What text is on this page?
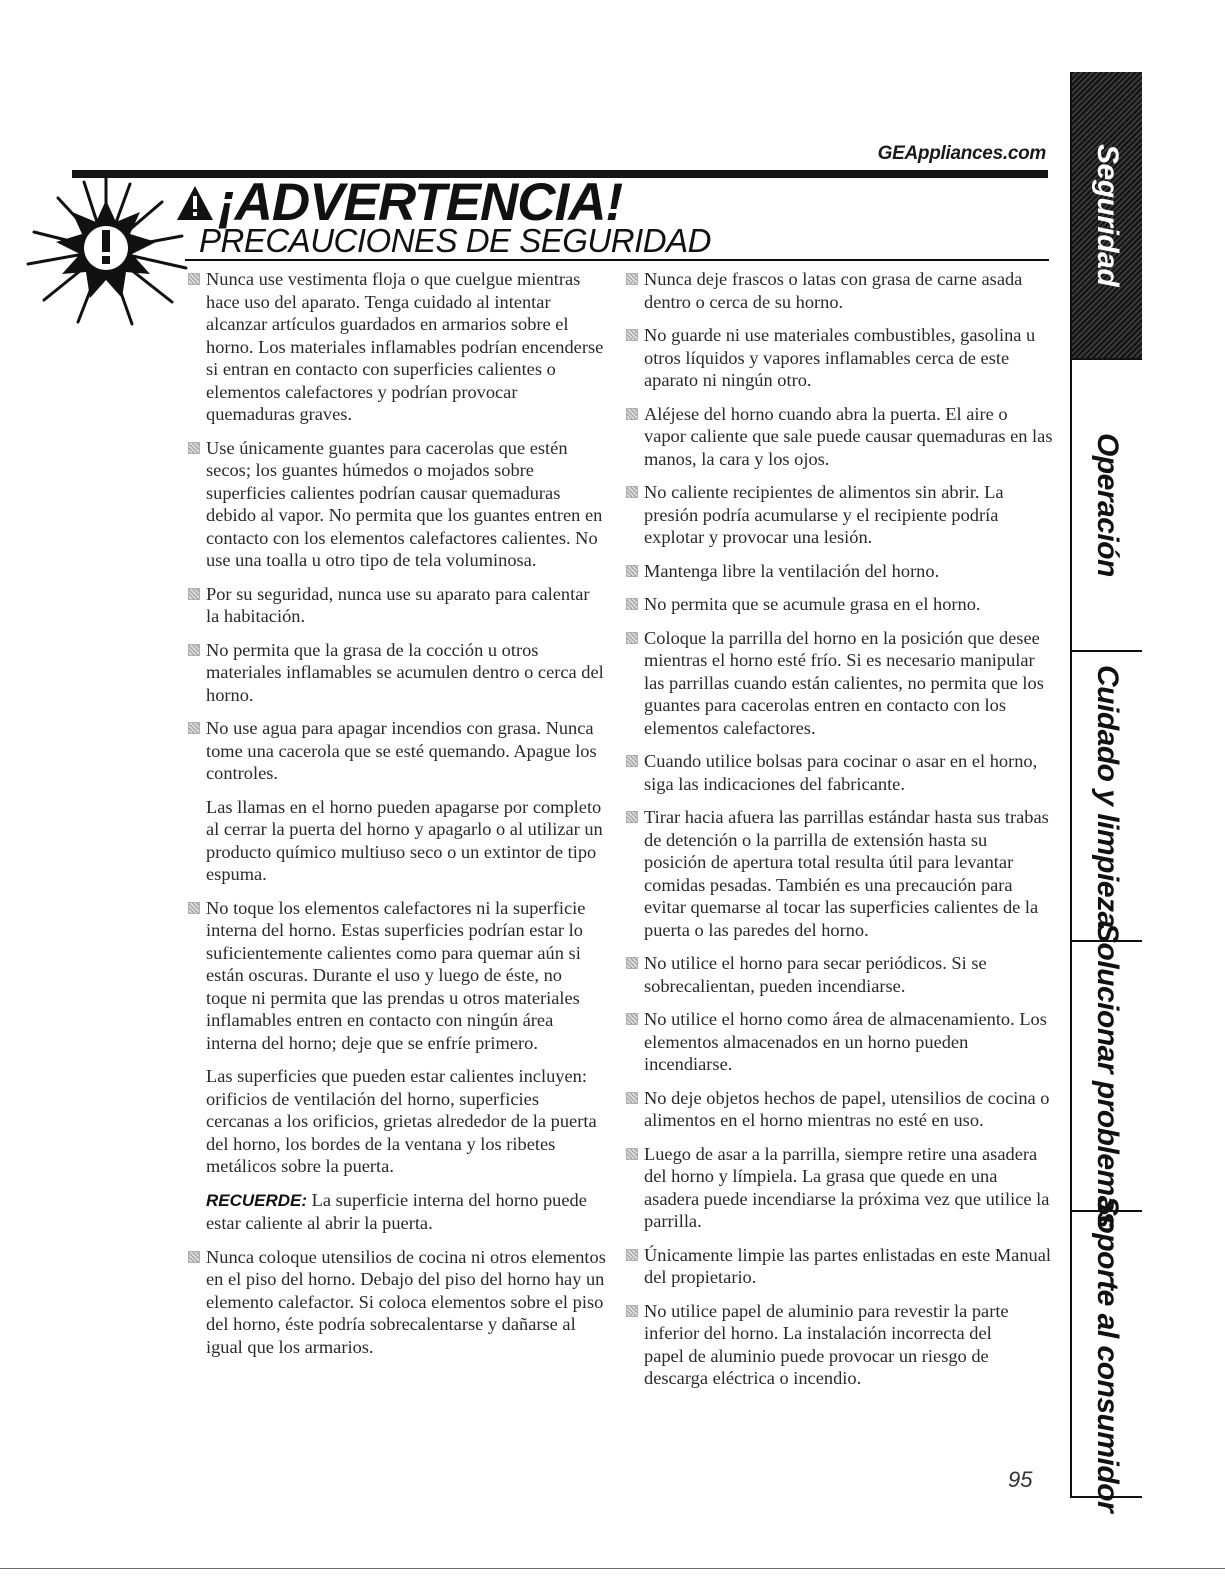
GEAppliances.com
¡ADVERTENCIA!
PRECAUCIONES DE SEGURIDAD
Nunca use vestimenta floja o que cuelgue mientras hace uso del aparato. Tenga cuidado al intentar alcanzar artículos guardados en armarios sobre el horno. Los materiales inflamables podrían encenderse si entran en contacto con superficies calientes o elementos calefactores y podrían provocar quemaduras graves.
Use únicamente guantes para cacerolas que estén secos; los guantes húmedos o mojados sobre superficies calientes podrían causar quemaduras debido al vapor. No permita que los guantes entren en contacto con los elementos calefactores calientes. No use una toalla u otro tipo de tela voluminosa.
Por su seguridad, nunca use su aparato para calentar la habitación.
No permita que la grasa de la cocción u otros materiales inflamables se acumulen dentro o cerca del horno.
No use agua para apagar incendios con grasa. Nunca tome una cacerola que se esté quemando. Apague los controles.
Las llamas en el horno pueden apagarse por completo al cerrar la puerta del horno y apagarlo o al utilizar un producto químico multiuso seco o un extintor de tipo espuma.
No toque los elementos calefactores ni la superficie interna del horno. Estas superficies podrían estar lo suficientemente calientes como para quemar aún si están oscuras. Durante el uso y luego de éste, no toque ni permita que las prendas u otros materiales inflamables entren en contacto con ningún área interna del horno; deje que se enfríe primero.
Las superficies que pueden estar calientes incluyen: orificios de ventilación del horno, superficies cercanas a los orificios, grietas alrededor de la puerta del horno, los bordes de la ventana y los ribetes metálicos sobre la puerta.
RECUERDE: La superficie interna del horno puede estar caliente al abrir la puerta.
Nunca coloque utensilios de cocina ni otros elementos en el piso del horno. Debajo del piso del horno hay un elemento calefactor. Si coloca elementos sobre el piso del horno, éste podría sobrecalentarse y dañarse al igual que los armarios.
Nunca deje frascos o latas con grasa de carne asada dentro o cerca de su horno.
No guarde ni use materiales combustibles, gasolina u otros líquidos y vapores inflamables cerca de este aparato ni ningún otro.
Aléjese del horno cuando abra la puerta. El aire o vapor caliente que sale puede causar quemaduras en las manos, la cara y los ojos.
No caliente recipientes de alimentos sin abrir. La presión podría acumularse y el recipiente podría explotar y provocar una lesión.
Mantenga libre la ventilación del horno.
No permita que se acumule grasa en el horno.
Coloque la parrilla del horno en la posición que desee mientras el horno esté frío. Si es necesario manipular las parrillas cuando están calientes, no permita que los guantes para cacerolas entren en contacto con los elementos calefactores.
Cuando utilice bolsas para cocinar o asar en el horno, siga las indicaciones del fabricante.
Tirar hacia afuera las parrillas estándar hasta sus trabas de detención o la parrilla de extensión hasta su posición de apertura total resulta útil para levantar comidas pesadas. También es una precaución para evitar quemarse al tocar las superficies calientes de la puerta o las paredes del horno.
No utilice el horno para secar periódicos. Si se sobrecalientan, pueden incendiarse.
No utilice el horno como área de almacenamiento. Los elementos almacenados en un horno pueden incendiarse.
No deje objetos hechos de papel, utensilios de cocina o alimentos en el horno mientras no esté en uso.
Luego de asar a la parrilla, siempre retire una asadera del horno y límpiela. La grasa que quede en una asadera puede incendiarse la próxima vez que utilice la parrilla.
Únicamente limpie las partes enlistadas en este Manual del propietario.
No utilice papel de aluminio para revestir la parte inferior del horno. La instalación incorrecta del papel de aluminio puede provocar un riesgo de descarga eléctrica o incendio.
Seguridad
Operación
Cuidado y limpieza
Solucionar problemas
Soporte al consumidor
95
